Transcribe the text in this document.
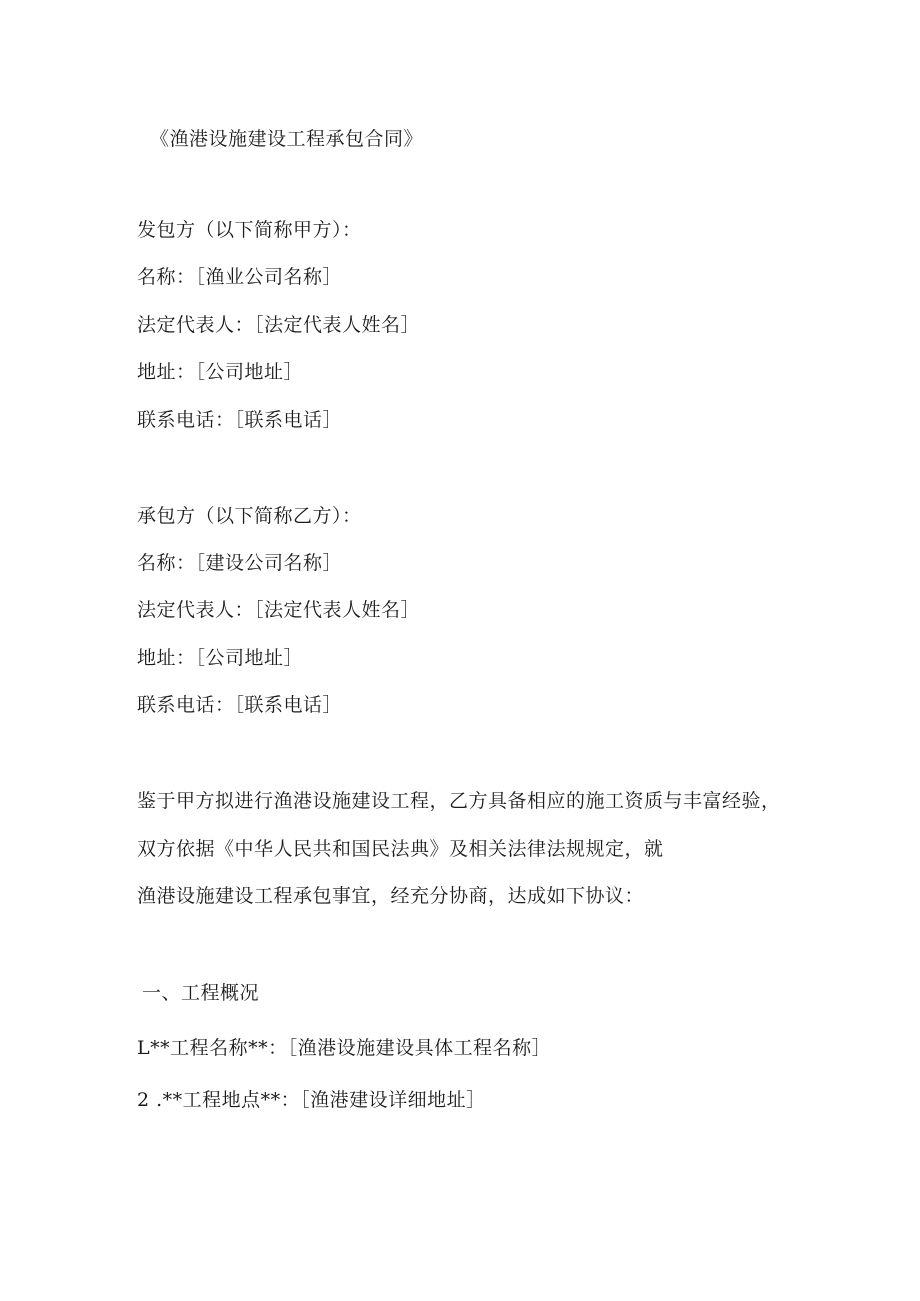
《渔港设施建设工程承包合同》
发包方（以下简称甲方）：
名称：［渔业公司名称］
法定代表人：［法定代表人姓名］
地址：［公司地址］
联系电话：［联系电话］
承包方（以下简称乙方）：
名称：［建设公司名称］
法定代表人：［法定代表人姓名］
地址：［公司地址］
联系电话：［联系电话］
鉴于甲方拟进行渔港设施建设工程，乙方具备相应的施工资质与丰富经验，
双方依据《中华人民共和国民法典》及相关法律法规规定，就
渔港设施建设工程承包事宜，经充分协商，达成如下协议：
一、工程概况
L**工程名称**：［渔港设施建设具体工程名称］
2 .**工程地点**：［渔港建设详细地址］
